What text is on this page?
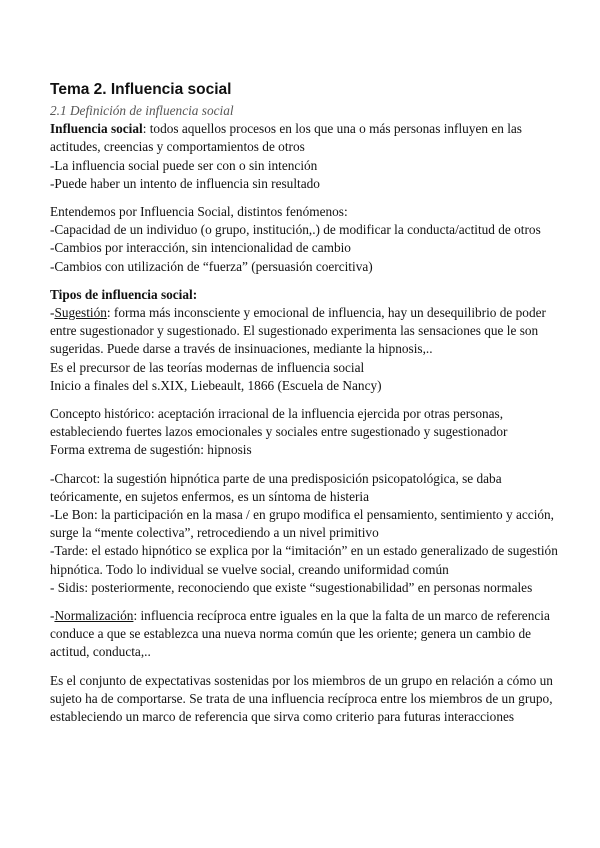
Tema 2. Influencia social
2.1 Definición de influencia social
Influencia social: todos aquellos procesos en los que una o más personas influyen en las actitudes, creencias y comportamientos de otros
-La influencia social puede ser con o sin intención
-Puede haber un intento de influencia sin resultado
Entendemos por Influencia Social, distintos fenómenos:
-Capacidad de un individuo (o grupo, institución,.) de modificar la conducta/actitud de otros
-Cambios por interacción, sin intencionalidad de cambio
-Cambios con utilización de “fuerza” (persuasión coercitiva)
Tipos de influencia social:
-Sugestión: forma más inconsciente y emocional de influencia, hay un desequilibrio de poder entre sugestionador y sugestionado. El sugestionado experimenta las sensaciones que le son sugeridas. Puede darse a través de insinuaciones, mediante la hipnosis,..
Es el precursor de las teorías modernas de influencia social
Inicio a finales del s.XIX, Liebeault, 1866 (Escuela de Nancy)
Concepto histórico: aceptación irracional de la influencia ejercida por otras personas, estableciendo fuertes lazos emocionales y sociales entre sugestionado y sugestionador
Forma extrema de sugestión: hipnosis
-Charcot: la sugestión hipnótica parte de una predisposición psicopatológica, se daba teóricamente, en sujetos enfermos, es un síntoma de histeria
-Le Bon: la participación en la masa / en grupo modifica el pensamiento, sentimiento y acción, surge la “mente colectiva”, retrocediendo a un nivel primitivo
-Tarde: el estado hipnótico se explica por la “imitación” en un estado generalizado de sugestión hipnótica. Todo lo individual se vuelve social, creando uniformidad común
- Sidis: posteriormente, reconociendo que existe “sugestionabilidad” en personas normales
-Normalización: influencia recíproca entre iguales en la que la falta de un marco de referencia conduce a que se establezca una nueva norma común que les oriente; genera un cambio de actitud, conducta,..
Es el conjunto de expectativas sostenidas por los miembros de un grupo en relación a cómo un sujeto ha de comportarse. Se trata de una influencia recíproca entre los miembros de un grupo, estableciendo un marco de referencia que sirva como criterio para futuras interacciones
